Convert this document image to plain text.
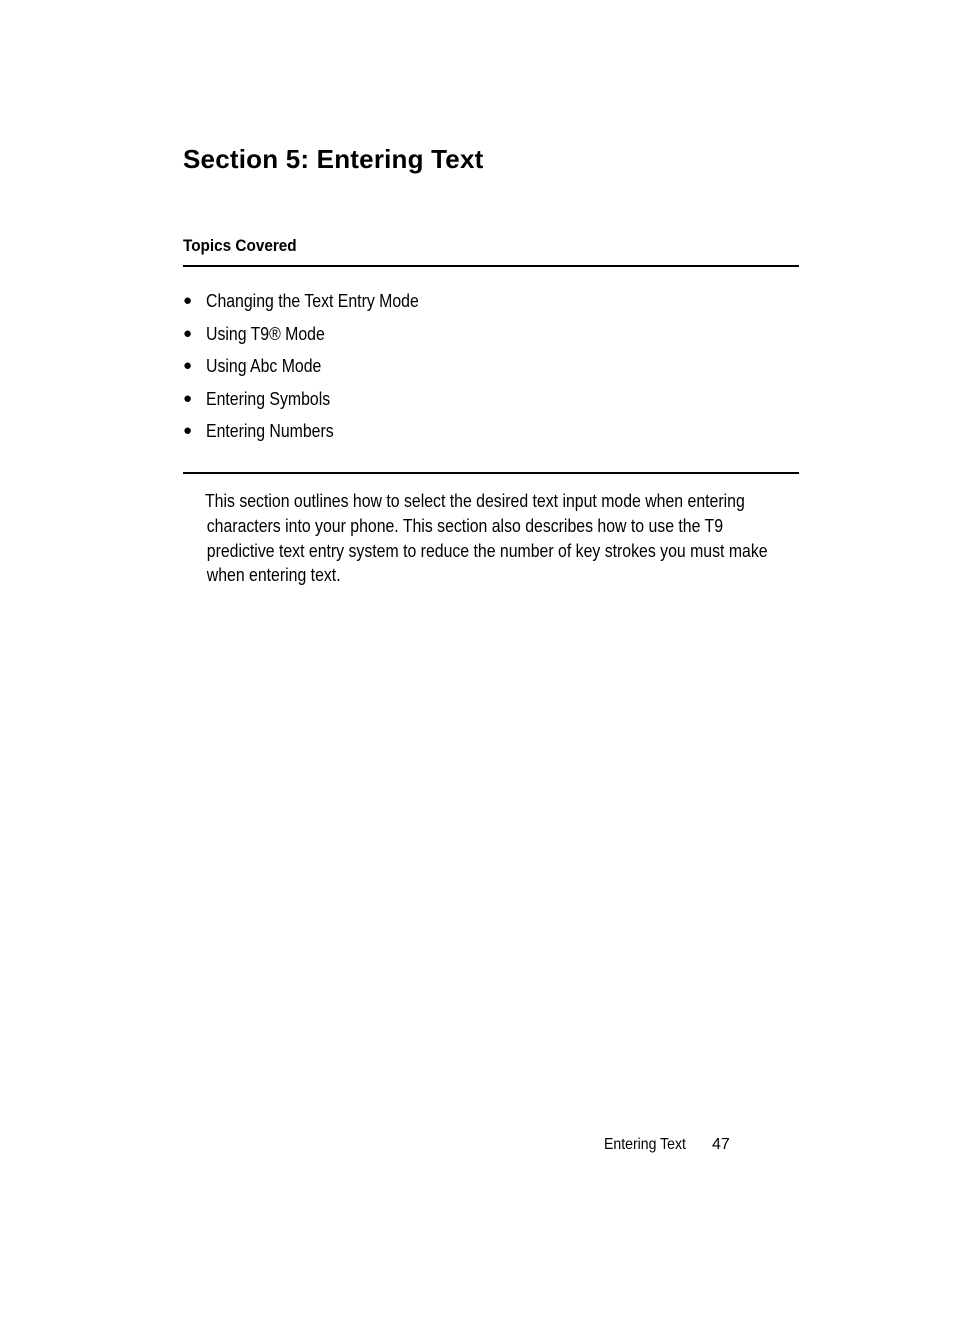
Section 5: Entering Text
Topics Covered
● Changing the Text Entry Mode
● Using T9® Mode
● Using Abc Mode
● Entering Symbols
● Entering Numbers

This section outlines how to select the desired text input mode when entering
characters into your phone. This section also describes how to use the T9
predictive text entry system to reduce the number of key strokes you must make
when entering text.

Entering Text 47
